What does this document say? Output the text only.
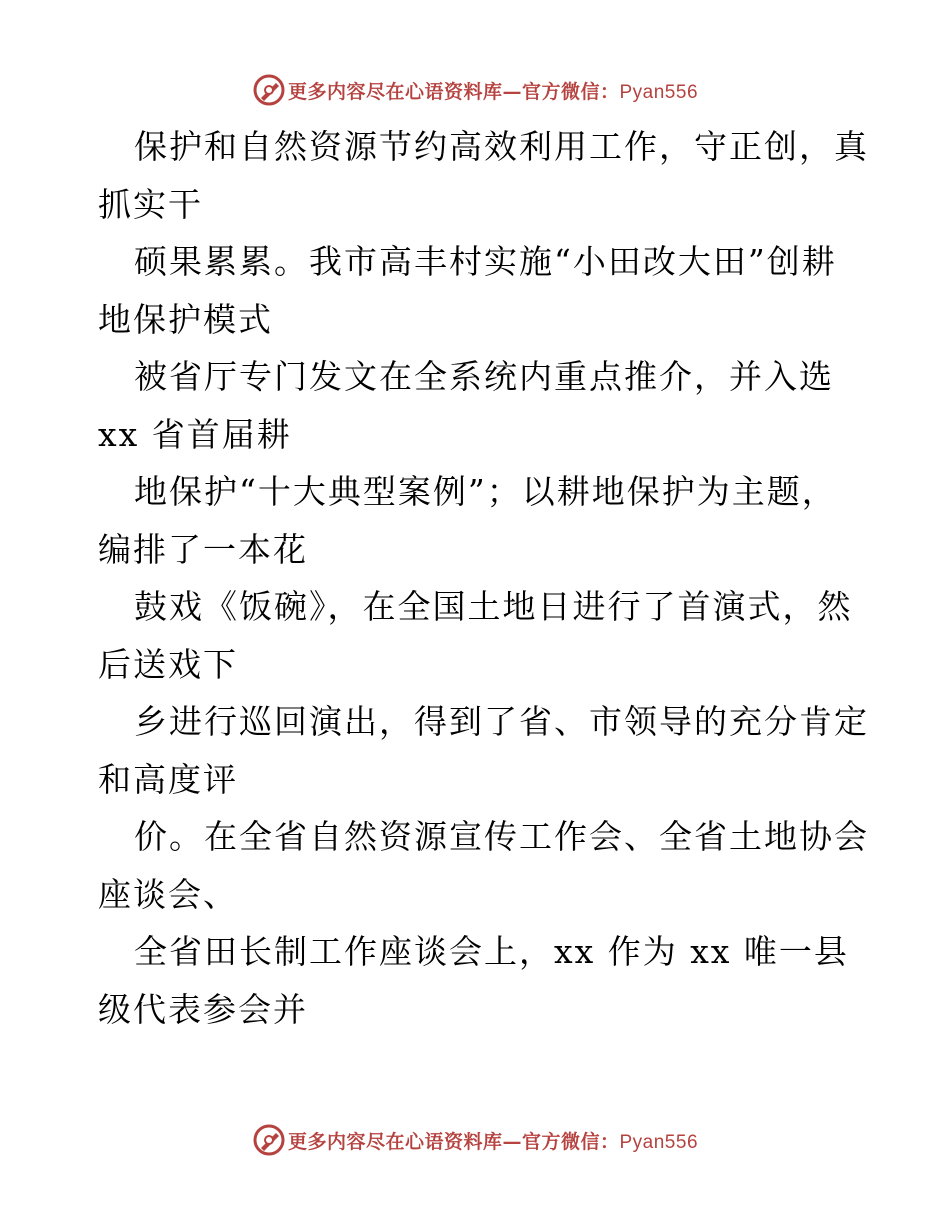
更多内容尽在心语资料库—官方微信：Pyan556
保护和自然资源节约高效利用工作，守正创，真
抓实干
硕果累累。我市高丰村实施“小田改大田”创耕
地保护模式
被省厅专门发文在全系统内重点推介，并入选
xx 省首届耕
地保护“十大典型案例”；以耕地保护为主题，
编排了一本花
鼓戏《饭碗》，在全国土地日进行了首演式，然
后送戏下
乡进行巡回演出，得到了省、市领导的充分肯定
和高度评
价。在全省自然资源宣传工作会、全省土地协会
座谈会、
全省田长制工作座谈会上，xx 作为 xx 唯一县
级代表参会并
更多内容尽在心语资料库—官方微信：Pyan556
